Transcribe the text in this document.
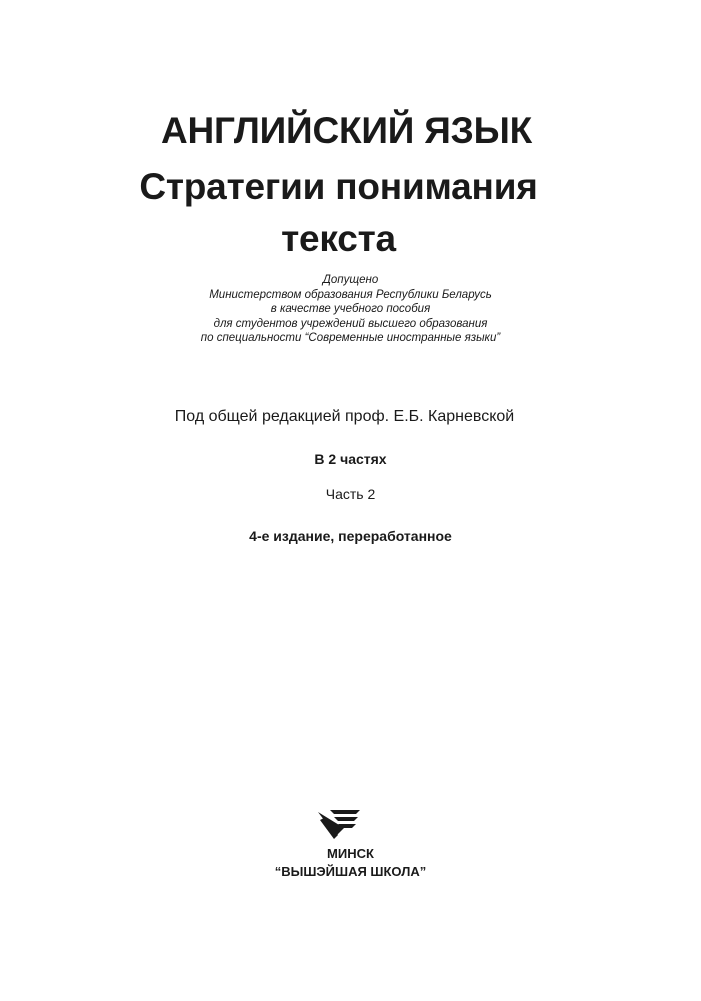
АНГЛИЙСКИЙ ЯЗЫК
Стратегии понимания
текста
Допущено
Министерством образования Республики Беларусь
в качестве учебного пособия
для студентов учреждений высшего образования
по специальности “Современные иностранные языки”
Под общей редакцией проф. Е.Б. Карневской
В 2 частях
Часть 2
4-е издание, переработанное
МИНСК
“ВЫШЭЙШАЯ ШКОЛА”
